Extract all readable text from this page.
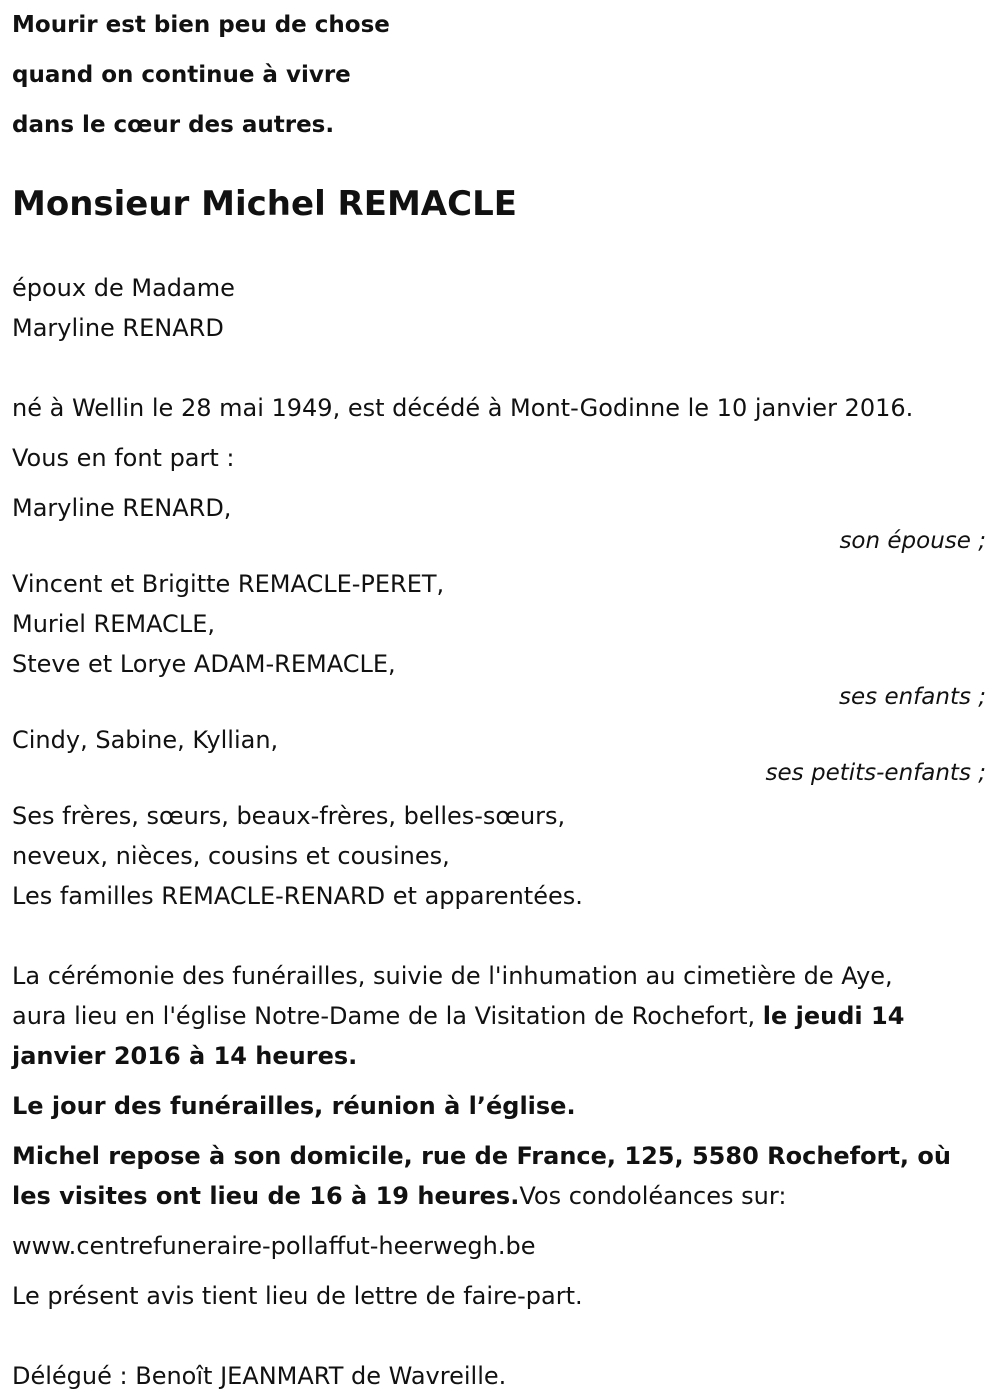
Mourir est bien peu de chose
quand on continue à vivre
dans le cœur des autres.
Monsieur Michel REMACLE
époux de Madame
Maryline RENARD
né à Wellin le 28 mai 1949, est décédé à Mont-Godinne le 10 janvier 2016.
Vous en font part :
Maryline RENARD,
son épouse ;
Vincent et Brigitte REMACLE-PERET,
Muriel REMACLE,
Steve et Lorye ADAM-REMACLE,
ses enfants ;
Cindy, Sabine, Kyllian,
ses petits-enfants ;
Ses frères, sœurs, beaux-frères, belles-sœurs,
neveux, nièces, cousins et cousines,
Les familles REMACLE-RENARD et apparentées.
La cérémonie des funérailles, suivie de l'inhumation au cimetière de Aye,
aura lieu en l'église Notre-Dame de la Visitation de Rochefort, le jeudi 14
janvier 2016 à 14 heures.
Le jour des funérailles, réunion à l’église.
Michel repose à son domicile, rue de France, 125, 5580 Rochefort, où
les visites ont lieu de 16 à 19 heures.Vos condoléances sur:
www.centrefuneraire-pollaffut-heerwegh.be
Le présent avis tient lieu de lettre de faire-part.
Délégué : Benoît JEANMART de Wavreille.
